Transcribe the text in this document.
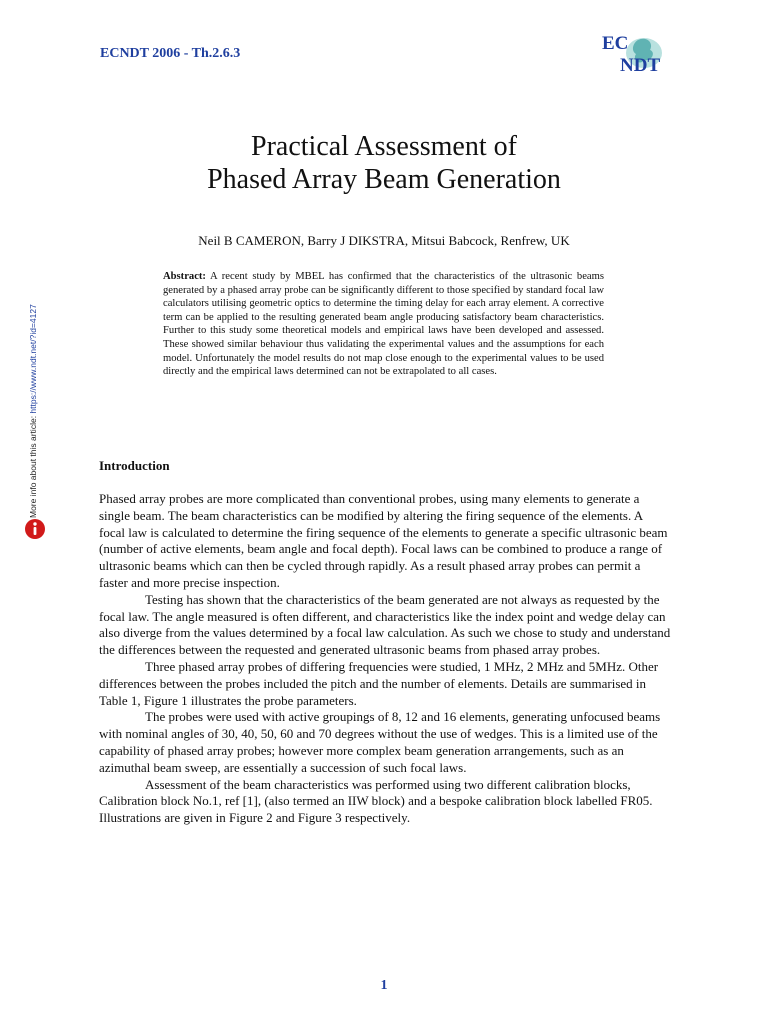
ECNDT 2006 - Th.2.6.3	EC
NDT
More info about this article: https://www.ndt.net/?id=4127
Practical Assessment of
Phased Array Beam Generation
Neil B CAMERON, Barry J DIKSTRA, Mitsui Babcock, Renfrew, UK
Abstract: A recent study by MBEL has confirmed that the characteristics of the ultrasonic beams generated by a phased array probe can be significantly different to those specified by standard focal law calculators utilising geometric optics to determine the timing delay for each array element. A corrective term can be applied to the resulting generated beam angle producing satisfactory beam characteristics. Further to this study some theoretical models and empirical laws have been developed and assessed. These showed similar behaviour thus validating the experimental values and the assumptions for each model. Unfortunately the model results do not map close enough to the experimental values to be used directly and the empirical laws determined can not be extrapolated to all cases.
Introduction

Phased array probes are more complicated than conventional probes, using many elements to generate a single beam. The beam characteristics can be modified by altering the firing sequence of the elements. A focal law is calculated to determine the firing sequence of the elements to generate a specific ultrasonic beam (number of active elements, beam angle and focal depth). Focal laws can be combined to produce a range of ultrasonic beams which can then be cycled through rapidly. As a result phased array probes can permit a faster and more precise inspection.

Testing has shown that the characteristics of the beam generated are not always as requested by the focal law. The angle measured is often different, and characteristics like the index point and wedge delay can also diverge from the values determined by a focal law calculation. As such we chose to study and understand the differences between the requested and generated ultrasonic beams from phased array probes.

Three phased array probes of differing frequencies were studied, 1 MHz, 2 MHz and 5MHz. Other differences between the probes included the pitch and the number of elements. Details are summarised in Table 1, Figure 1 illustrates the probe parameters.

The probes were used with active groupings of 8, 12 and 16 elements, generating unfocused beams with nominal angles of 30, 40, 50, 60 and 70 degrees without the use of wedges. This is a limited use of the capability of phased array probes; however more complex beam generation arrangements, such as an azimuthal beam sweep, are essentially a succession of such focal laws.

Assessment of the beam characteristics was performed using two different calibration blocks, Calibration block No.1, ref [1], (also termed an IIW block) and a bespoke calibration block labelled FR05. Illustrations are given in Figure 2 and Figure 3 respectively.

1
